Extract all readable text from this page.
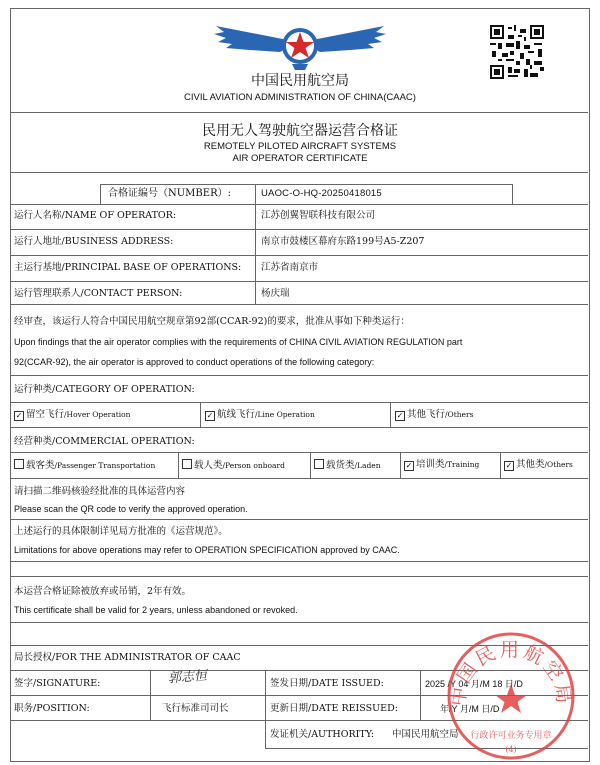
中国民用航空局
CIVIL AVIATION ADMINISTRATION OF CHINA(CAAC)
民用无人驾驶航空器运营合格证
REMOTELY PILOTED AIRCRAFT SYSTEMS
AIR OPERATOR CERTIFICATE
合格证编号（NUMBER）:	UAOC-O-HQ-20250418015
运行人名称/NAME OF OPERATOR:	江苏创翼智联科技有限公司
运行人地址/BUSINESS ADDRESS:	南京市鼓楼区幕府东路199号A5-Z207
主运行基地/PRINCIPAL BASE OF OPERATIONS: 江苏省南京市
运行管理联系人/CONTACT PERSON:	杨庆瑞
经审查，该运行人符合中国民用航空规章第92部(CCAR-92)的要求，批准从事如下种类运行：
Upon findings that the air operator complies with the requirements of CHINA CIVIL AVIATION REGULATION part
92(CCAR-92), the air operator is approved to conduct operations of the following category:
运行种类/CATEGORY OF OPERATION:
✓ 留空飞行/Hover Operation	✓ 航线飞行/Line Operation	✓ 其他飞行/Others
经营种类/COMMERCIAL OPERATION:
载客类/Passenger Transportation	载人类/Person onboard	载货类/Laden	✓ 培训类/Training	✓ 其他类/Others
请扫描二维码核验经批准的具体运营内容
Please scan the QR code to verify the approved operation.
上述运行的具体限制详见局方批准的《运营规范》。
Limitations for above operations may refer to OPERATION SPECIFICATION approved by CAAC.
本运营合格证除被放弃或吊销，2年有效。
This certificate shall be valid for 2 years, unless abandoned or revoked.
局长授权/FOR THE ADMINISTRATOR OF CAAC
签字/SIGNATURE:	郭志恒	签发日期/DATE ISSUED:	2025 /Y 04 月/M 18 日/D
职务/POSITION:	飞行标准司司长	更新日期/DATE REISSUED:	年/Y 月/M 日/D
发证机关/AUTHORITY: 中国民用航空局
中国民用航空局
行政许可业务专用章
(4)
